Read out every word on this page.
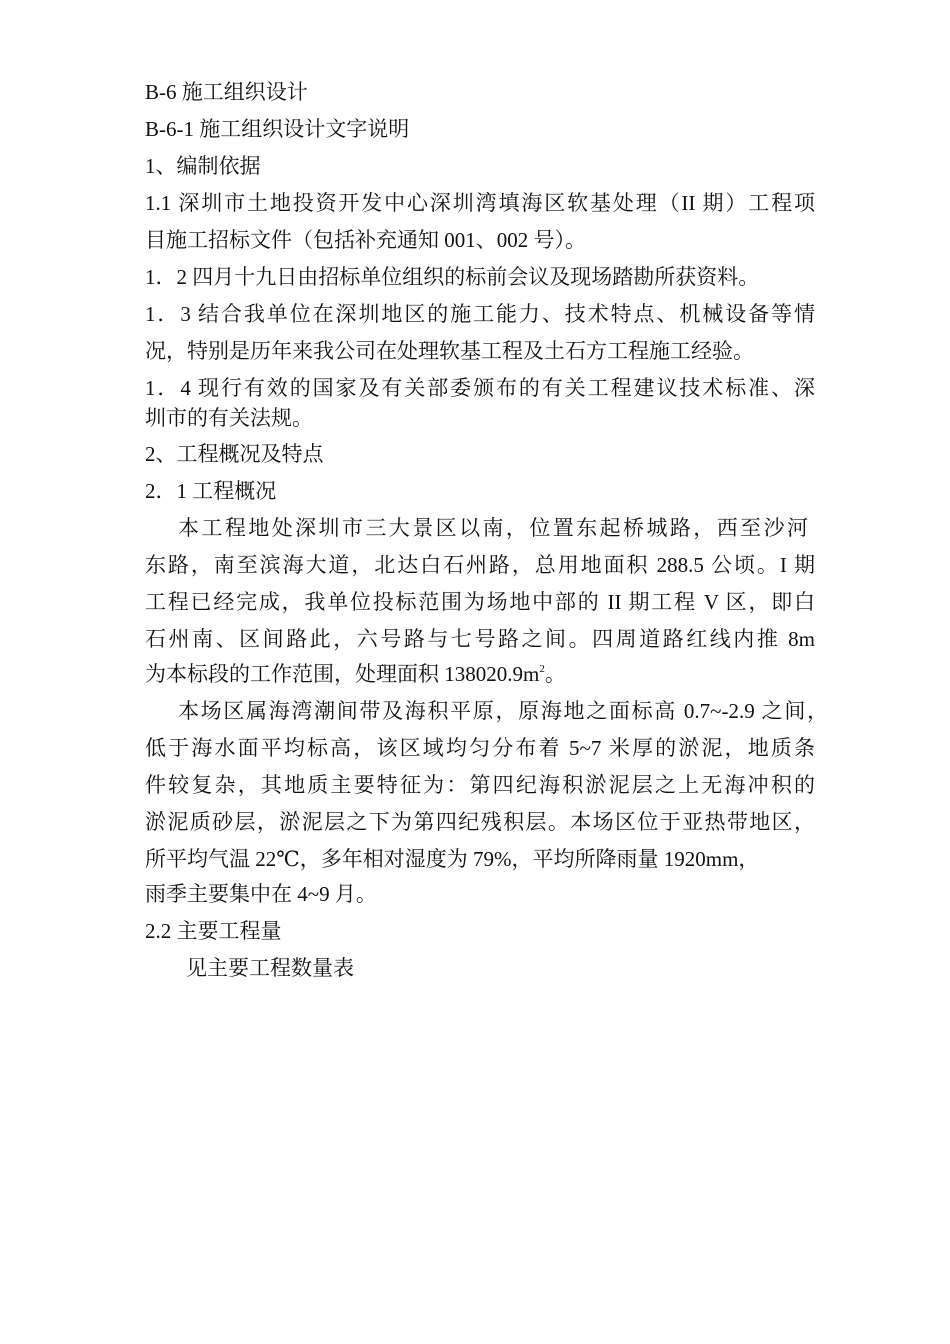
B-6 施工组织设计
B-6-1 施工组织设计文字说明
1、编制依据
1.1 深圳市土地投资开发中心深圳湾填海区软基处理（II 期）工程项
目施工招标文件（包括补充通知 001、002 号）。
1．2 四月十九日由招标单位组织的标前会议及现场踏勘所获资料。
1．3 结合我单位在深圳地区的施工能力、技术特点、机械设备等情
况，特别是历年来我公司在处理软基工程及土石方工程施工经验。
1．4 现行有效的国家及有关部委颁布的有关工程建议技术标准、深
圳市的有关法规。
2、工程概况及特点
2．1 工程概况
本工程地处深圳市三大景区以南，位置东起桥城路，西至沙河
东路，南至滨海大道，北达白石州路，总用地面积 288.5 公顷。I 期
工程已经完成，我单位投标范围为场地中部的 II 期工程 V 区，即白
石州南、区间路此，六号路与七号路之间。四周道路红线内推 8m
为本标段的工作范围，处理面积 $138020.9m^2$。
本场区属海湾潮间带及海积平原，原海地之面标高 0.7~-2.9 之间，
低于海水面平均标高，该区域均匀分布着 5~7 米厚的淤泥，地质条
件较复杂，其地质主要特征为：第四纪海积淤泥层之上无海冲积的
淤泥质砂层，淤泥层之下为第四纪残积层。本场区位于亚热带地区，
所平均气温 22℃，多年相对湿度为 79%，平均所降雨量 1920mm，
雨季主要集中在 4~9 月。
2.2 主要工程量
见主要工程数量表
